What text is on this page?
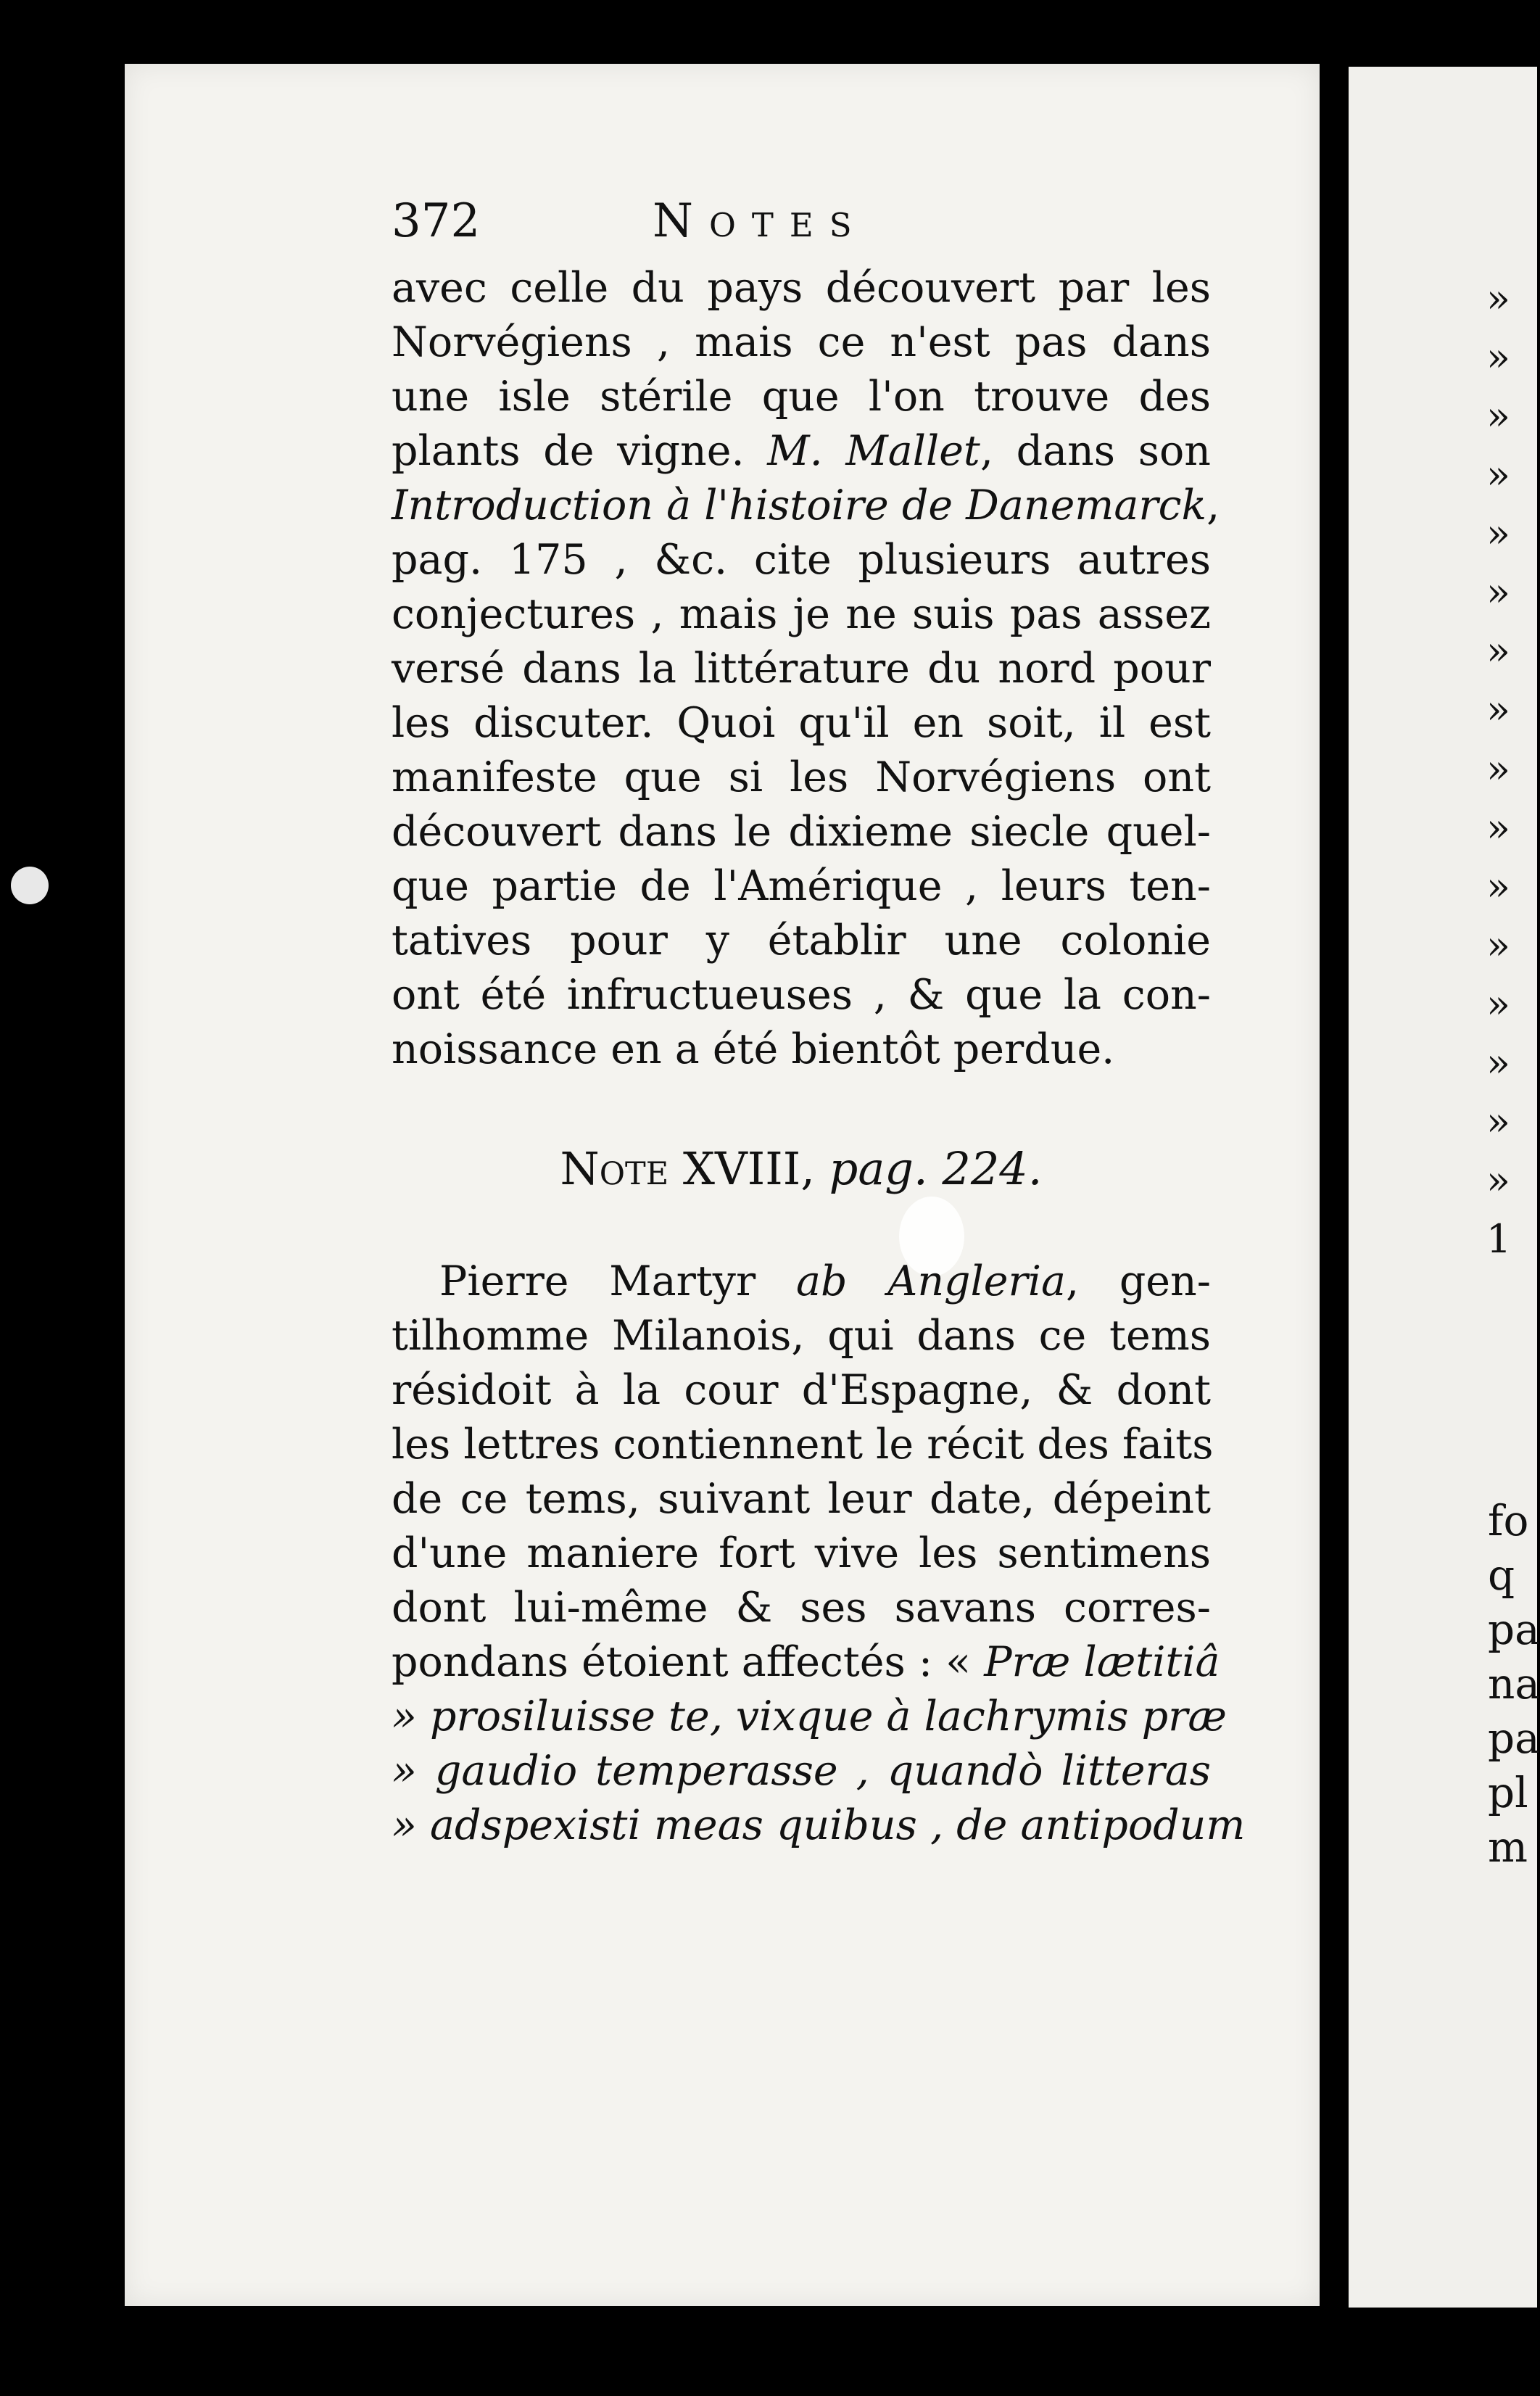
372	Notes
avec celle du pays découvert par les
Norvégiens , mais ce n'est pas dans
une isle stérile que l'on trouve des
plants de vigne. M. Mallet, dans son
Introduction à l'histoire de Danemarck,
pag. 175 , &c. cite plusieurs autres
conjectures , mais je ne suis pas assez
versé dans la littérature du nord pour
les discuter. Quoi qu'il en soit, il est
manifeste que si les Norvégiens ont
découvert dans le dixieme siecle quel-
que partie de l'Amérique , leurs ten-
tatives pour y établir une colonie
ont été infructueuses , & que la con-
noissance en a été bientôt perdue.
Note XVIII, pag. 224.
Pierre Martyr ab Angleria, gen-
tilhomme Milanois, qui dans ce tems
résidoit à la cour d'Espagne, & dont
les lettres contiennent le récit des faits
de ce tems, suivant leur date, dépeint
d'une maniere fort vive les sentimens
dont lui-même & ses savans corres-
pondans étoient affectés : « Præ lætitiâ
» prosiluisse te, vixque à lachrymis præ
» gaudio temperasse , quandò litteras
» adspexisti meas quibus , de antipodum
»
»
»
»
»
»
»
»
»
»
»
»
»
»
»
»
1
fo
q
pa
na
pa
pl
m
